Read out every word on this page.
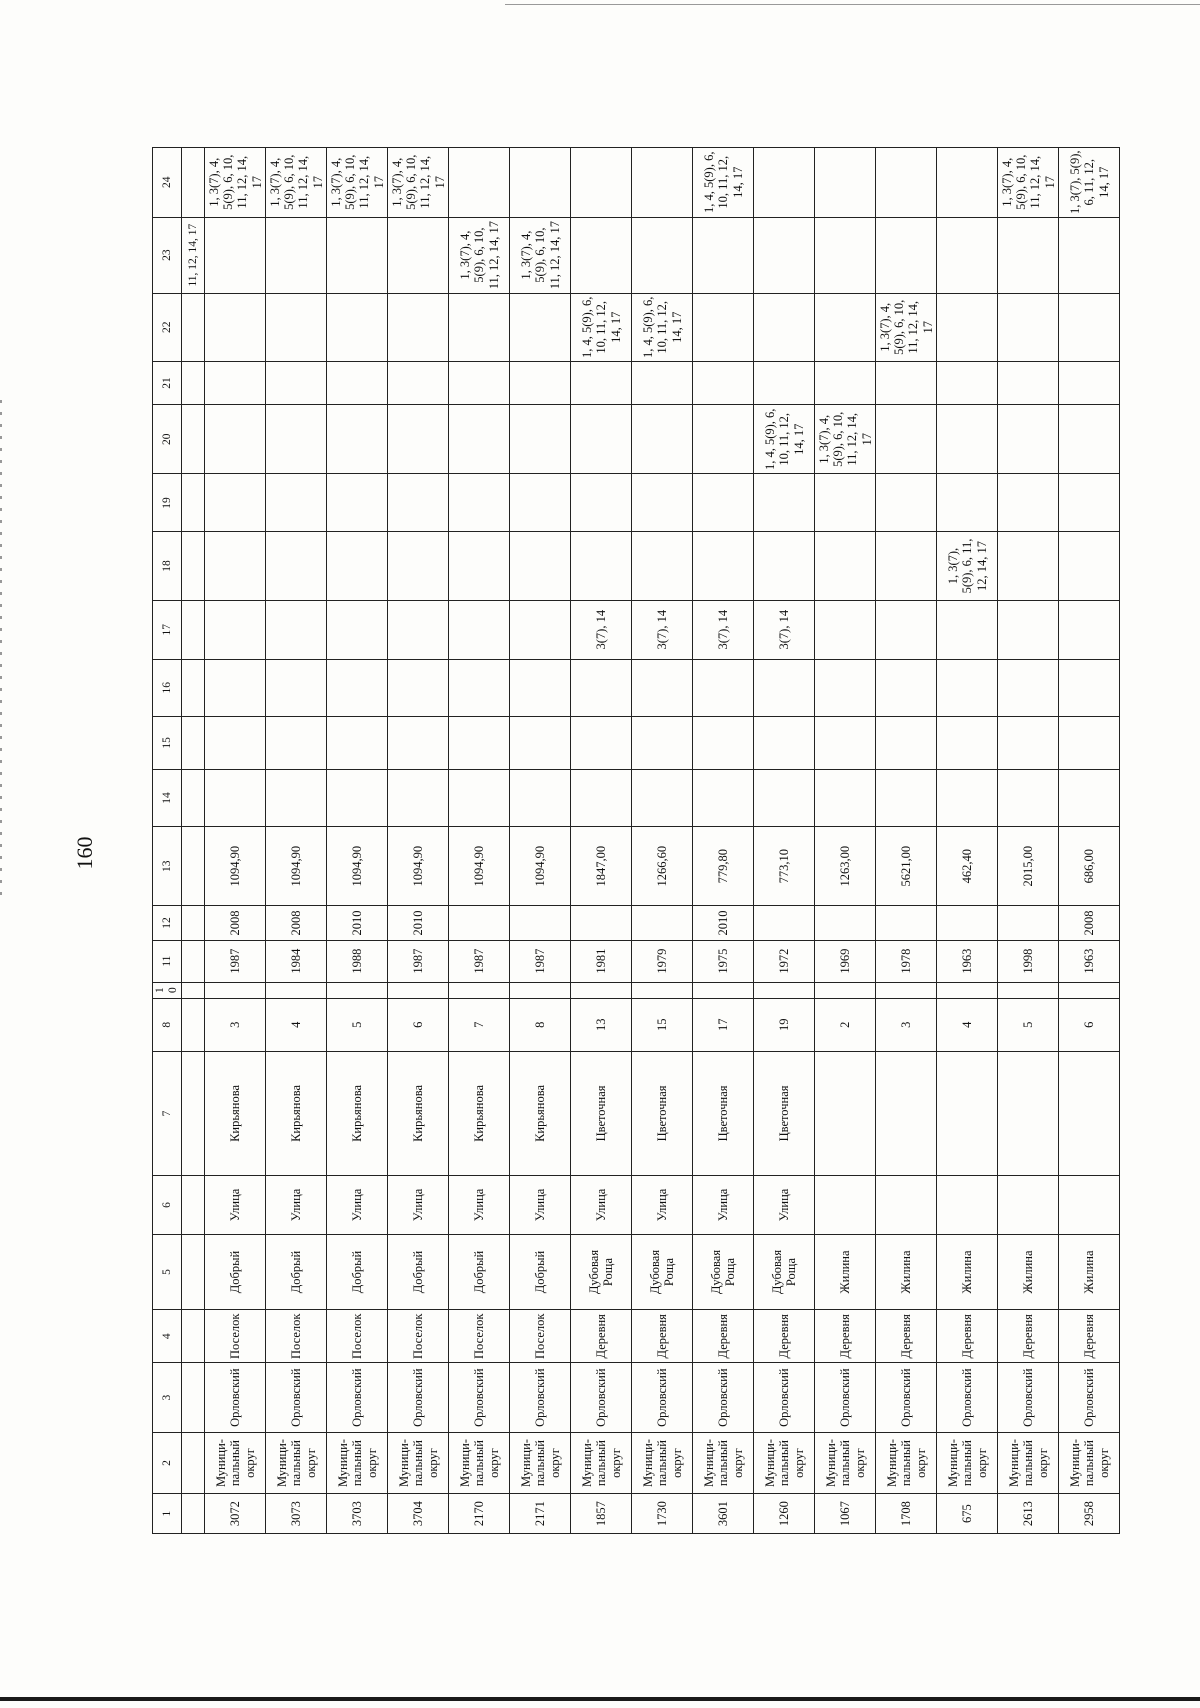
160
1	2	3	4	5	6	7	8	10	11	12	13	14	15	16	17	18	19	20	21	22	23	24
																					11, 12, 14, 17	
3072	Муници-пальный округ	Орловский	Поселок	Добрый	Улица	Кирьянова	3		1987	2008	1094,90											1, 3(7), 4, 5(9), 6, 10, 11, 12, 14, 17
3073	Муници-пальный округ	Орловский	Поселок	Добрый	Улица	Кирьянова	4		1984	2008	1094,90											1, 3(7), 4, 5(9), 6, 10, 11, 12, 14, 17
3703	Муници-пальный округ	Орловский	Поселок	Добрый	Улица	Кирьянова	5		1988	2010	1094,90											1, 3(7), 4, 5(9), 6, 10, 11, 12, 14, 17
3704	Муници-пальный округ	Орловский	Поселок	Добрый	Улица	Кирьянова	6		1987	2010	1094,90											1, 3(7), 4, 5(9), 6, 10, 11, 12, 14, 17
2170	Муници-пальный округ	Орловский	Поселок	Добрый	Улица	Кирьянова	7		1987		1094,90										1, 3(7), 4, 5(9), 6, 10, 11, 12, 14, 17	
2171	Муници-пальный округ	Орловский	Поселок	Добрый	Улица	Кирьянова	8		1987		1094,90										1, 3(7), 4, 5(9), 6, 10, 11, 12, 14, 17	
1857	Муници-пальный округ	Орловский	Деревня	Дубовая Роща	Улица	Цветочная	13		1981		1847,00				3(7), 14					1, 4, 5(9), 6, 10, 11, 12, 14, 17		
1730	Муници-пальный округ	Орловский	Деревня	Дубовая Роща	Улица	Цветочная	15		1979		1266,60				3(7), 14					1, 4, 5(9), 6, 10, 11, 12, 14, 17		
3601	Муници-пальный округ	Орловский	Деревня	Дубовая Роща	Улица	Цветочная	17		1975	2010	779,80				3(7), 14							1, 4, 5(9), 6, 10, 11, 12, 14, 17
1260	Муници-пальный округ	Орловский	Деревня	Дубовая Роща	Улица	Цветочная	19		1972		773,10				3(7), 14			1, 4, 5(9), 6, 10, 11, 12, 14, 17				
1067	Муници-пальный округ	Орловский	Деревня	Жилина			2		1969		1263,00							1, 3(7), 4, 5(9), 6, 10, 11, 12, 14, 17				
1708	Муници-пальный округ	Орловский	Деревня	Жилина			3		1978		5621,00									1, 3(7), 4, 5(9), 6, 10, 11, 12, 14, 17		
675	Муници-пальный округ	Орловский	Деревня	Жилина			4		1963		462,40					1, 3(7), 5(9), 6, 11, 12, 14, 17						
2613	Муници-пальный округ	Орловский	Деревня	Жилина			5		1998		2015,00											1, 3(7), 4, 5(9), 6, 10, 11, 12, 14, 17
2958	Муници-пальный округ	Орловский	Деревня	Жилина			6		1963	2008	686,00											1, 3(7), 5(9), 6, 11, 12, 14, 17
